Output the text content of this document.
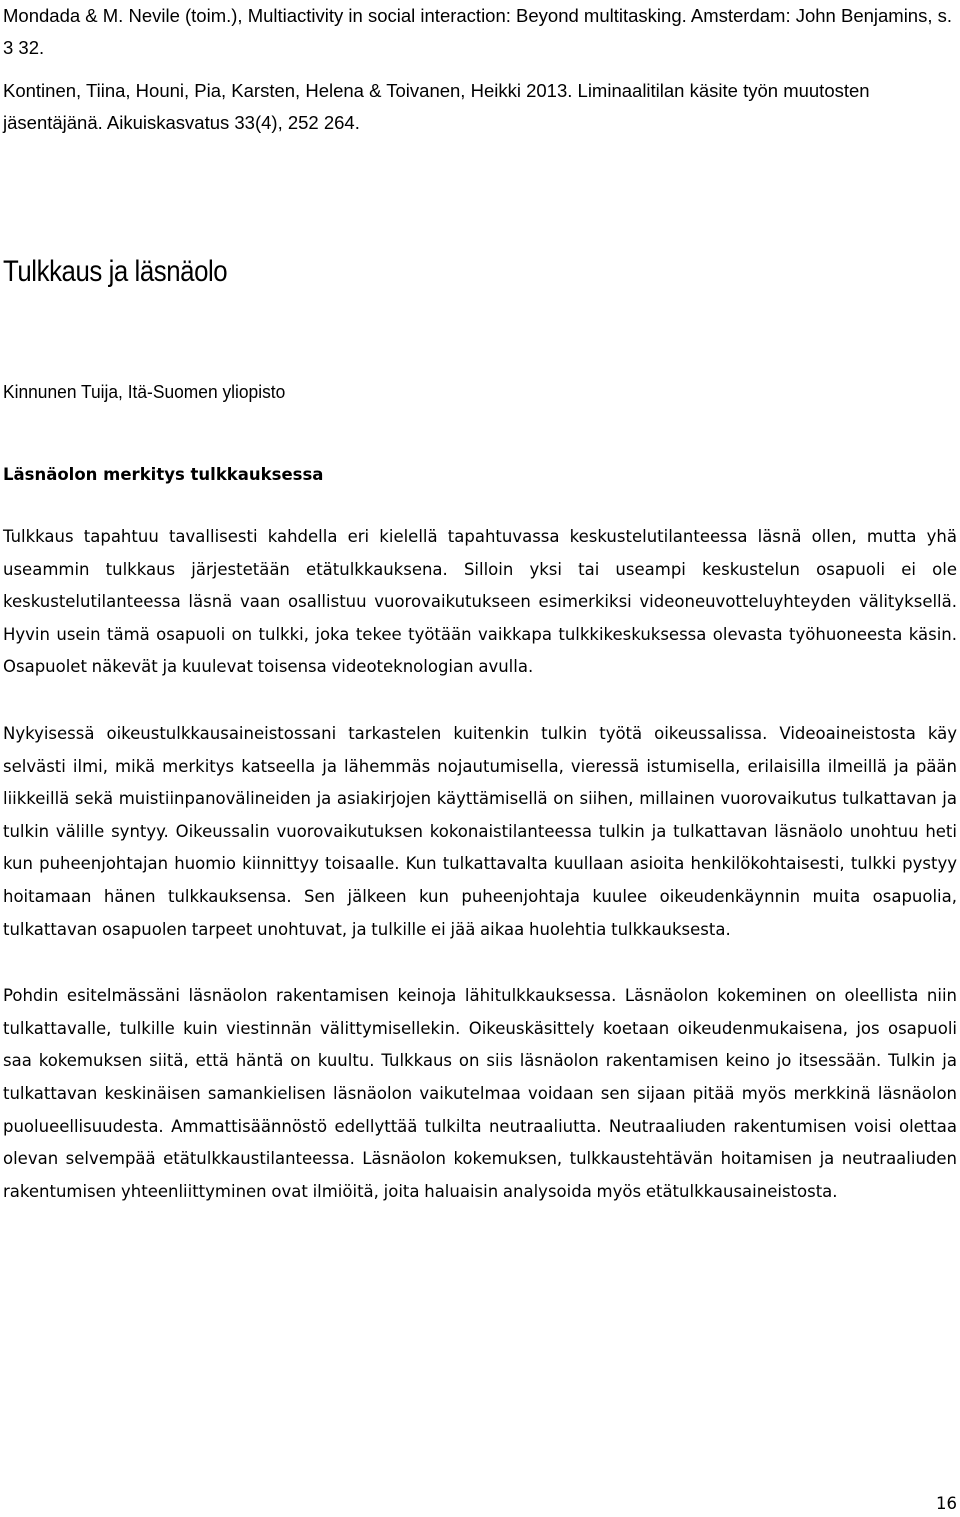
Mondada & M. Nevile (toim.), Multiactivity in social interaction: Beyond multitasking. Amsterdam: John Benjamins, s. 3 32.

Kontinen, Tiina, Houni, Pia, Karsten, Helena & Toivanen, Heikki 2013. Liminaalitilan käsite työn muutosten jäsentäjänä. Aikuiskasvatus 33(4), 252 264.

Tulkkaus ja läsnäolo

Kinnunen Tuija, Itä-Suomen yliopisto

Läsnäolon merkitys tulkkauksessa

Tulkkaus tapahtuu tavallisesti kahdella eri kielellä tapahtuvassa keskustelutilanteessa läsnä ollen, mutta yhä useammin tulkkaus järjestetään etätulkkauksena. Silloin yksi tai useampi keskustelun osapuoli ei ole keskustelutilanteessa läsnä vaan osallistuu vuorovaikutukseen esimerkiksi videoneuvotteluyhteyden välityksellä. Hyvin usein tämä osapuoli on tulkki, joka tekee työtään vaikkapa tulkkikeskuksessa olevasta työhuoneesta käsin. Osapuolet näkevät ja kuulevat toisensa videoteknologian avulla.

Nykyisessä oikeustulkkausaineistossani tarkastelen kuitenkin tulkin työtä oikeussalissa. Videoaineistosta käy selvästi ilmi, mikä merkitys katseella ja lähemmäs nojautumisella, vieressä istumisella, erilaisilla ilmeillä ja pään liikkeillä sekä muistiinpanovälineiden ja asiakirjojen käyttämisellä on siihen, millainen vuorovaikutus tulkattavan ja tulkin välille syntyy. Oikeussalin vuorovaikutuksen kokonaistilanteessa tulkin ja tulkattavan läsnäolo unohtuu heti kun puheenjohtajan huomio kiinnittyy toisaalle. Kun tulkattavalta kuullaan asioita henkilökohtaisesti, tulkki pystyy hoitamaan hänen tulkkauksensa. Sen jälkeen kun puheenjohtaja kuulee oikeudenkäynnin muita osapuolia, tulkattavan osapuolen tarpeet unohtuvat, ja tulkille ei jää aikaa huolehtia tulkkauksesta.

Pohdin esitelmässäni läsnäolon rakentamisen keinoja lähitulkkauksessa. Läsnäolon kokeminen on oleellista niin tulkattavalle, tulkille kuin viestinnän välittymisellekin. Oikeuskäsittely koetaan oikeudenmukaisena, jos osapuoli saa kokemuksen siitä, että häntä on kuultu. Tulkkaus on siis läsnäolon rakentamisen keino jo itsessään. Tulkin ja tulkattavan keskinäisen samankielisen läsnäolon vaikutelmaa voidaan sen sijaan pitää myös merkkinä läsnäolon puolueellisuudesta. Ammattisäännöstö edellyttää tulkilta neutraaliutta. Neutraaliuden rakentumisen voisi olettaa olevan selvempää etätulkkaustilanteessa. Läsnäolon kokemuksen, tulkkaustehtävän hoitamisen ja neutraaliuden rakentumisen yhteenliittyminen ovat ilmiöitä, joita haluaisin analysoida myös etätulkkausaineistosta.

16
